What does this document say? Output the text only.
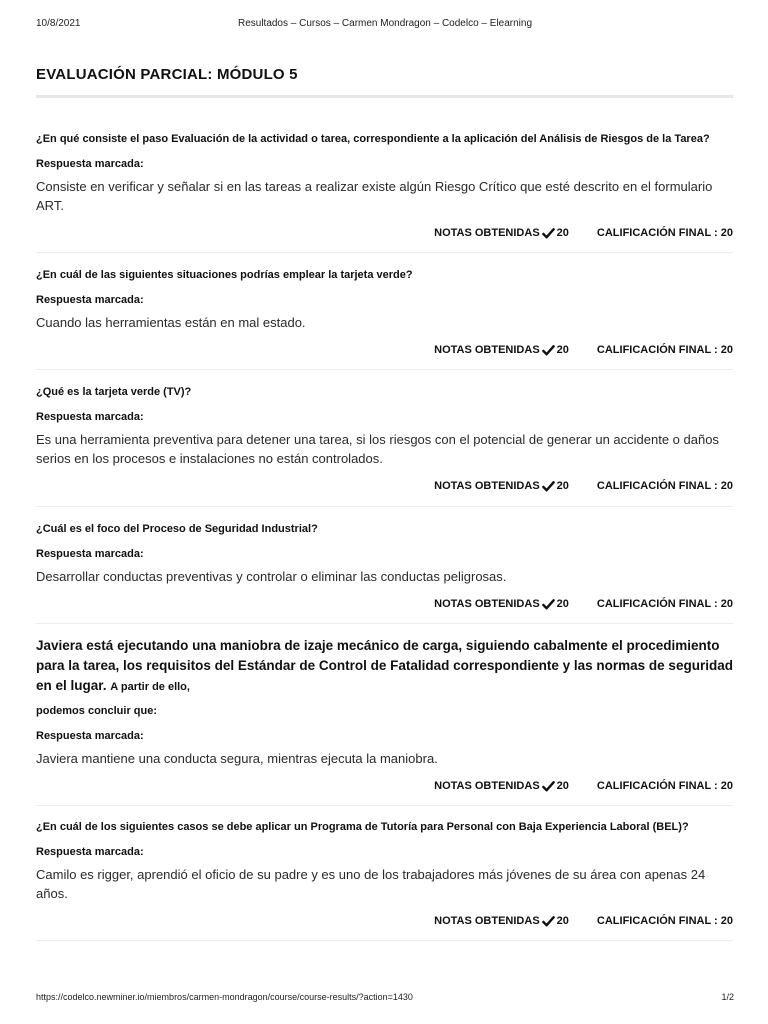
10/8/2021	Resultados – Cursos – Carmen Mondragon – Codelco – Elearning
EVALUACIÓN PARCIAL: MÓDULO 5

¿En qué consiste el paso Evaluación de la actividad o tarea, correspondiente a la aplicación del Análisis de Riesgos de la Tarea?

Respuesta marcada:

Consiste en verificar y señalar si en las tareas a realizar existe algún Riesgo Crítico que esté descrito en el formulario ART.

NOTAS OBTENIDAS 20	CALIFICACIÓN FINAL : 20

¿En cuál de las siguientes situaciones podrías emplear la tarjeta verde?

Respuesta marcada:

Cuando las herramientas están en mal estado.

NOTAS OBTENIDAS 20	CALIFICACIÓN FINAL : 20

¿Qué es la tarjeta verde (TV)?

Respuesta marcada:

Es una herramienta preventiva para detener una tarea, si los riesgos con el potencial de generar un accidente o daños serios en los procesos e instalaciones no están controlados.

NOTAS OBTENIDAS 20	CALIFICACIÓN FINAL : 20

¿Cuál es el foco del Proceso de Seguridad Industrial?

Respuesta marcada:

Desarrollar conductas preventivas y controlar o eliminar las conductas peligrosas.

NOTAS OBTENIDAS 20	CALIFICACIÓN FINAL : 20

Javiera está ejecutando una maniobra de izaje mecánico de carga, siguiendo cabalmente el procedimiento para la tarea, los requisitos del Estándar de Control de Fatalidad correspondiente y las normas de seguridad en el lugar. A partir de ello,

podemos concluir que:

Respuesta marcada:

Javiera mantiene una conducta segura, mientras ejecuta la maniobra.

NOTAS OBTENIDAS 20	CALIFICACIÓN FINAL : 20

¿En cuál de los siguientes casos se debe aplicar un Programa de Tutoría para Personal con Baja Experiencia Laboral (BEL)?

Respuesta marcada:

Camilo es rigger, aprendió el oficio de su padre y es uno de los trabajadores más jóvenes de su área con apenas 24 años.

NOTAS OBTENIDAS 20	CALIFICACIÓN FINAL : 20
https://codelco.newminer.io/miembros/carmen-mondragon/course/course-results/?action=1430	1/2
